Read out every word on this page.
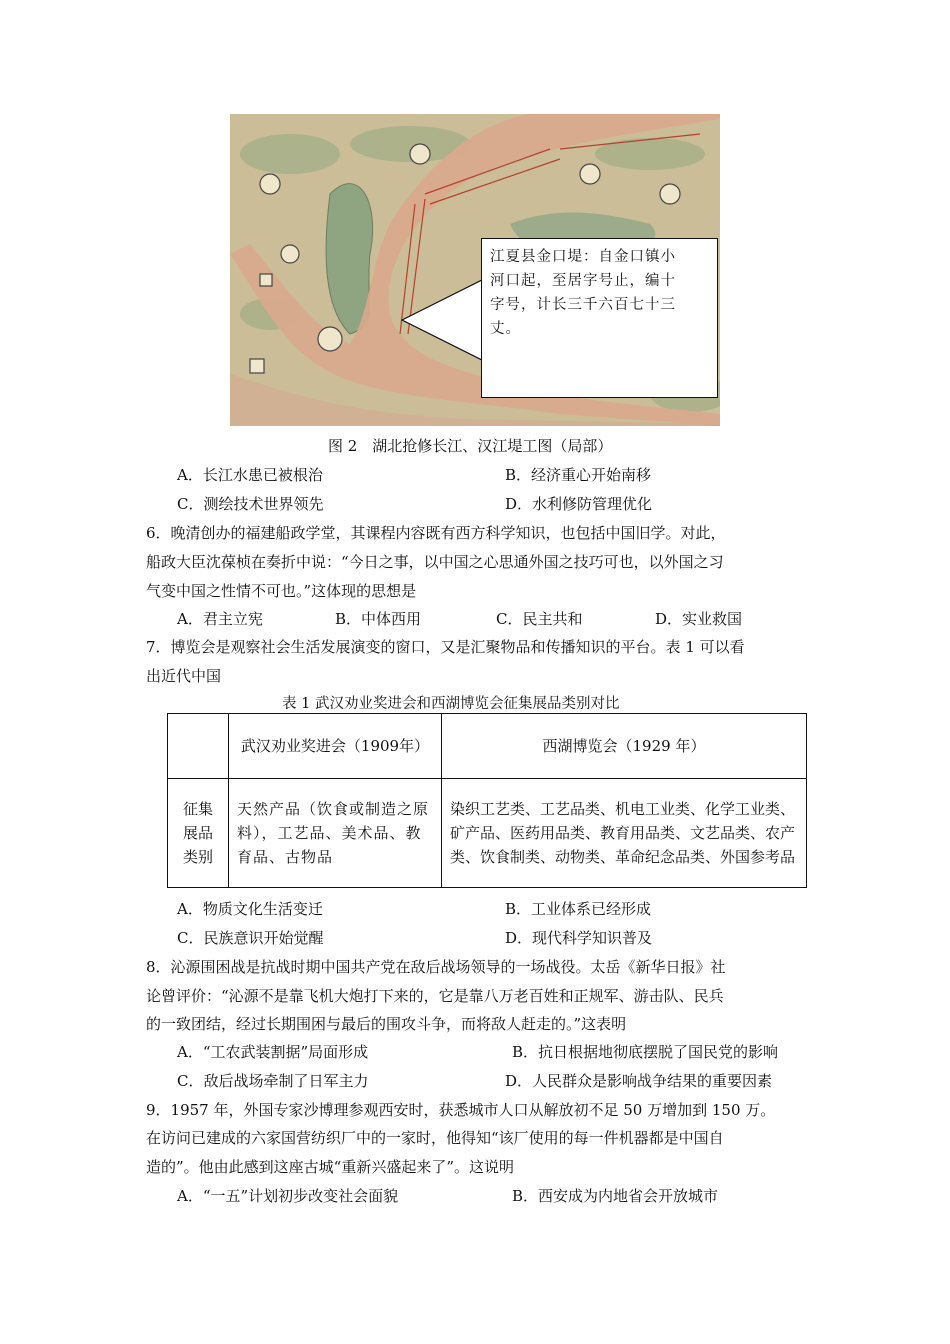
江夏县金口堤：自金口镇小
河口起，至居字号止，编十
字号，计长三千六百七十三
丈。
图 2　湖北抢修长江、汉江堤工图（局部）
A．长江水患已被根治	B．经济重心开始南移
C．测绘技术世界领先	D．水利修防管理优化
6．晚清创办的福建船政学堂，其课程内容既有西方科学知识，也包括中国旧学。对此，
船政大臣沈葆桢在奏折中说：“今日之事，以中国之心思通外国之技巧可也，以外国之习
气变中国之性情不可也。”这体现的思想是
A．君主立宪	B．中体西用	C．民主共和	D．实业救国
7．博览会是观察社会生活发展演变的窗口，又是汇聚物品和传播知识的平台。表 1 可以看
出近代中国
表 1 武汉劝业奖进会和西湖博览会征集展品类别对比
	武汉劝业奖进会（1909年）	西湖博览会（1929 年）
征集展品类别	天然产品（饮食或制造之原料），工艺品、美术品、教育品、古物品	染织工艺类、工艺品类、机电工业类、化学工业类、矿产品、医药用品类、教育用品类、文艺品类、农产类、饮食制类、动物类、革命纪念品类、外国参考品
A．物质文化生活变迁	B．工业体系已经形成
C．民族意识开始觉醒	D．现代科学知识普及
8．沁源围困战是抗战时期中国共产党在敌后战场领导的一场战役。太岳《新华日报》社
论曾评价：“沁源不是靠飞机大炮打下来的，它是靠八万老百姓和正规军、游击队、民兵
的一致团结，经过长期围困与最后的围攻斗争，而将敌人赶走的。”这表明
A．“工农武装割据”局面形成	B．抗日根据地彻底摆脱了国民党的影响
C．敌后战场牵制了日军主力	D．人民群众是影响战争结果的重要因素
9．1957 年，外国专家沙博理参观西安时，获悉城市人口从解放初不足 50 万增加到 150 万。
在访问已建成的六家国营纺织厂中的一家时，他得知“该厂使用的每一件机器都是中国自
造的”。他由此感到这座古城“重新兴盛起来了”。这说明
A．“一五”计划初步改变社会面貌	B．西安成为内地省会开放城市
